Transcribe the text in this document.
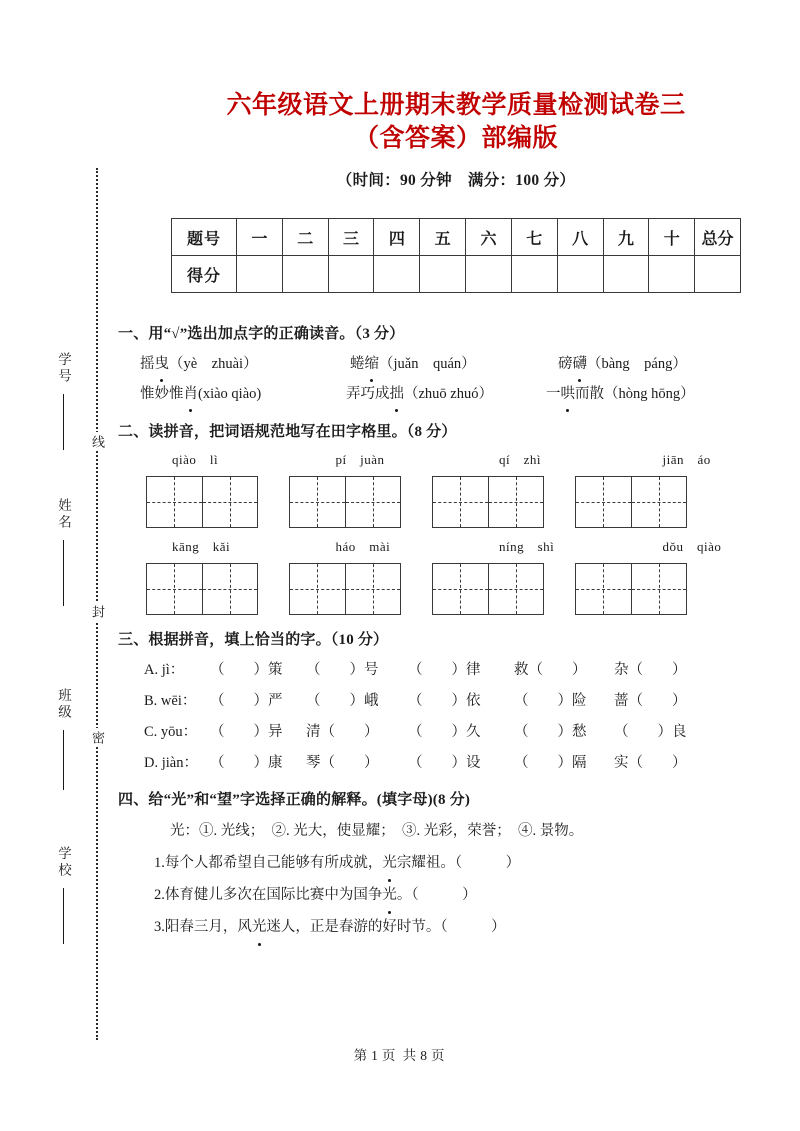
线
封
密
学号
姓名
班级
学校
六年级语文上册期末教学质量检测试卷三
（含答案）部编版
（时间：90 分钟 满分：100 分）
题号	一	二	三	四	五	六	七	八	九	十	总分
得分											
一、用“√”选出加点字的正确读音。（3 分）
摇曳（yè　zhuài）	蜷缩（juǎn　quán）	磅礴（bàng　páng）
惟妙惟肖(xiào qiào)	弄巧成拙（zhuō zhuó）	一哄而散（hòng hōng）
二、读拼音，把词语规范地写在田字格里。（8 分）
qiào　lì	pí　juàn	qí　zhì	jiān　áo
kāng　kǎi	háo　mài	níng　shì	dǒu　qiào
三、根据拼音，填上恰当的字。（10 分）
A. jì：	（　　）策	（　　）号	（　　）律	救（　　）	杂（　　）
B. wēi： （　　）严	（　　）峨	（　　）依	（　　）险	蔷（　　）
C. yōu： （　　）异	清（　　）	（　　）久	（　　）愁	（　　）良
D. jiàn： （　　）康	琴（　　）	（　　）设	（　　）隔	实（　　）
四、给“光”和“望”字选择正确的解释。(填字母)(8 分)
光：①. 光线；　②. 光大，使显耀；　③. 光彩，荣誉；　④. 景物。
1.每个人都希望自己能够有所成就，光宗耀祖。（　　　）
2.体育健儿多次在国际比赛中为国争光。（　　　）
3.阳春三月，风光迷人，正是春游的好时节。（　　　）
第 1 页 共 8 页
